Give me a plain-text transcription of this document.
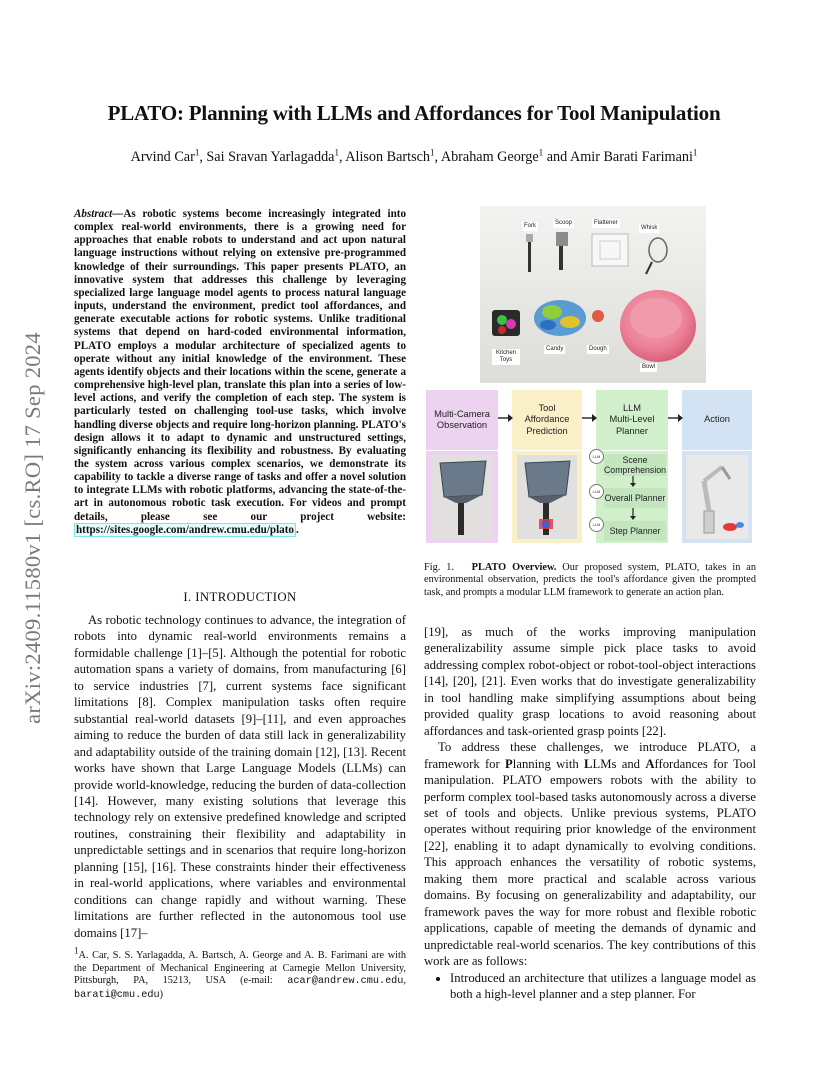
arXiv:2409.11580v1 [cs.RO] 17 Sep 2024
PLATO: Planning with LLMs and Affordances for Tool Manipulation
Arvind Car$^1$, Sai Sravan Yarlagadda$^1$, Alison Bartsch$^1$, Abraham George$^1$ and Amir Barati Farimani$^1$
Abstract—As robotic systems become increasingly integrated into complex real-world environments, there is a growing need for approaches that enable robots to understand and act upon natural language instructions without relying on extensive pre-programmed knowledge of their surroundings. This paper presents PLATO, an innovative system that addresses this challenge by leveraging specialized large language model agents to process natural language inputs, understand the environment, predict tool affordances, and generate executable actions for robotic systems. Unlike traditional systems that depend on hard-coded environmental information, PLATO employs a modular architecture of specialized agents to operate without any initial knowledge of the environment. These agents identify objects and their locations within the scene, generate a comprehensive high-level plan, translate this plan into a series of low-level actions, and verify the completion of each step. The system is particularly tested on challenging tool-use tasks, which involve handling diverse objects and require long-horizon planning. PLATO's design allows it to adapt to dynamic and unstructured settings, significantly enhancing its flexibility and robustness. By evaluating the system across various complex scenarios, we demonstrate its capability to tackle a diverse range of tasks and offer a novel solution to integrate LLMs with robotic platforms, advancing the state-of-the-art in autonomous robotic task execution. For videos and prompt details, please see our project website: https://sites.google.com/andrew.cmu.edu/plato .
I. INTRODUCTION

As robotic technology continues to advance, the integration of robots into dynamic real-world environments remains a formidable challenge [1]–[5]. Although the potential for robotic automation spans a variety of domains, from manufacturing [6] to service industries [7], current systems face significant limitations [8]. Complex manipulation tasks often require substantial real-world datasets [9]–[11], and even approaches aiming to reduce the burden of data still lack in generalizability and adaptability outside of the training domain [12], [13]. Recent works have shown that Large Language Models (LLMs) can provide world-knowledge, reducing the burden of data-collection [14]. However, many existing solutions that leverage this technology rely on extensive predefined knowledge and scripted routines, constraining their flexibility and adaptability in unpredictable settings and in scenarios that require long-horizon planning [15], [16]. These constraints hinder their effectiveness in real-world applications, where variables and environmental conditions can change rapidly and without warning. These limitations are further reflected in the autonomous tool use domains [17]–

$^1$A. Car, S. S. Yarlagadda, A. Bartsch, A. George and A. B. Farimani are with the Department of Mechanical Engineering at Carnegie Mellon University, Pittsburgh, PA, 15213, USA (e-mail: acar@andrew.cmu.edu, barati@cmu.edu)
Fork	Scoop	Flattener
Whisk
Kitchen Toys
Candy	Dough
Bowl
Multi-Camera
Observation
Tool
Affordance
Prediction
LLM
Multi-Level
Planner
Action
Scene Comprehension
Overall Planner
Step Planner
LLM
LLM
LLM
Fig. 1. PLATO Overview. Our proposed system, PLATO, takes in an environmental observation, predicts the tool's affordance given the prompted task, and prompts a modular LLM framework to generate an action plan.

[19], as much of the works improving manipulation generalizability assume simple pick place tasks to avoid addressing complex robot-object or robot-tool-object interactions [14], [20], [21]. Even works that do investigate generalizability in tool handling make simplifying assumptions about being provided quality grasp locations to avoid reasoning about affordances and task-oriented grasp points [22].

To address these challenges, we introduce PLATO, a framework for Planning with LLMs and Affordances for Tool manipulation. PLATO empowers robots with the ability to perform complex tool-based tasks autonomously across a diverse set of tools and objects. Unlike previous systems, PLATO operates without requiring prior knowledge of the environment [22], enabling it to adapt dynamically to evolving conditions. This approach enhances the versatility of robotic systems, making them more practical and scalable across various domains. By focusing on generalizability and adaptability, our framework paves the way for more robust and flexible robotic applications, capable of meeting the demands of dynamic and unpredictable real-world scenarios. The key contributions of this work are as follows:

• Introduced an architecture that utilizes a language model as both a high-level planner and a step planner. For
